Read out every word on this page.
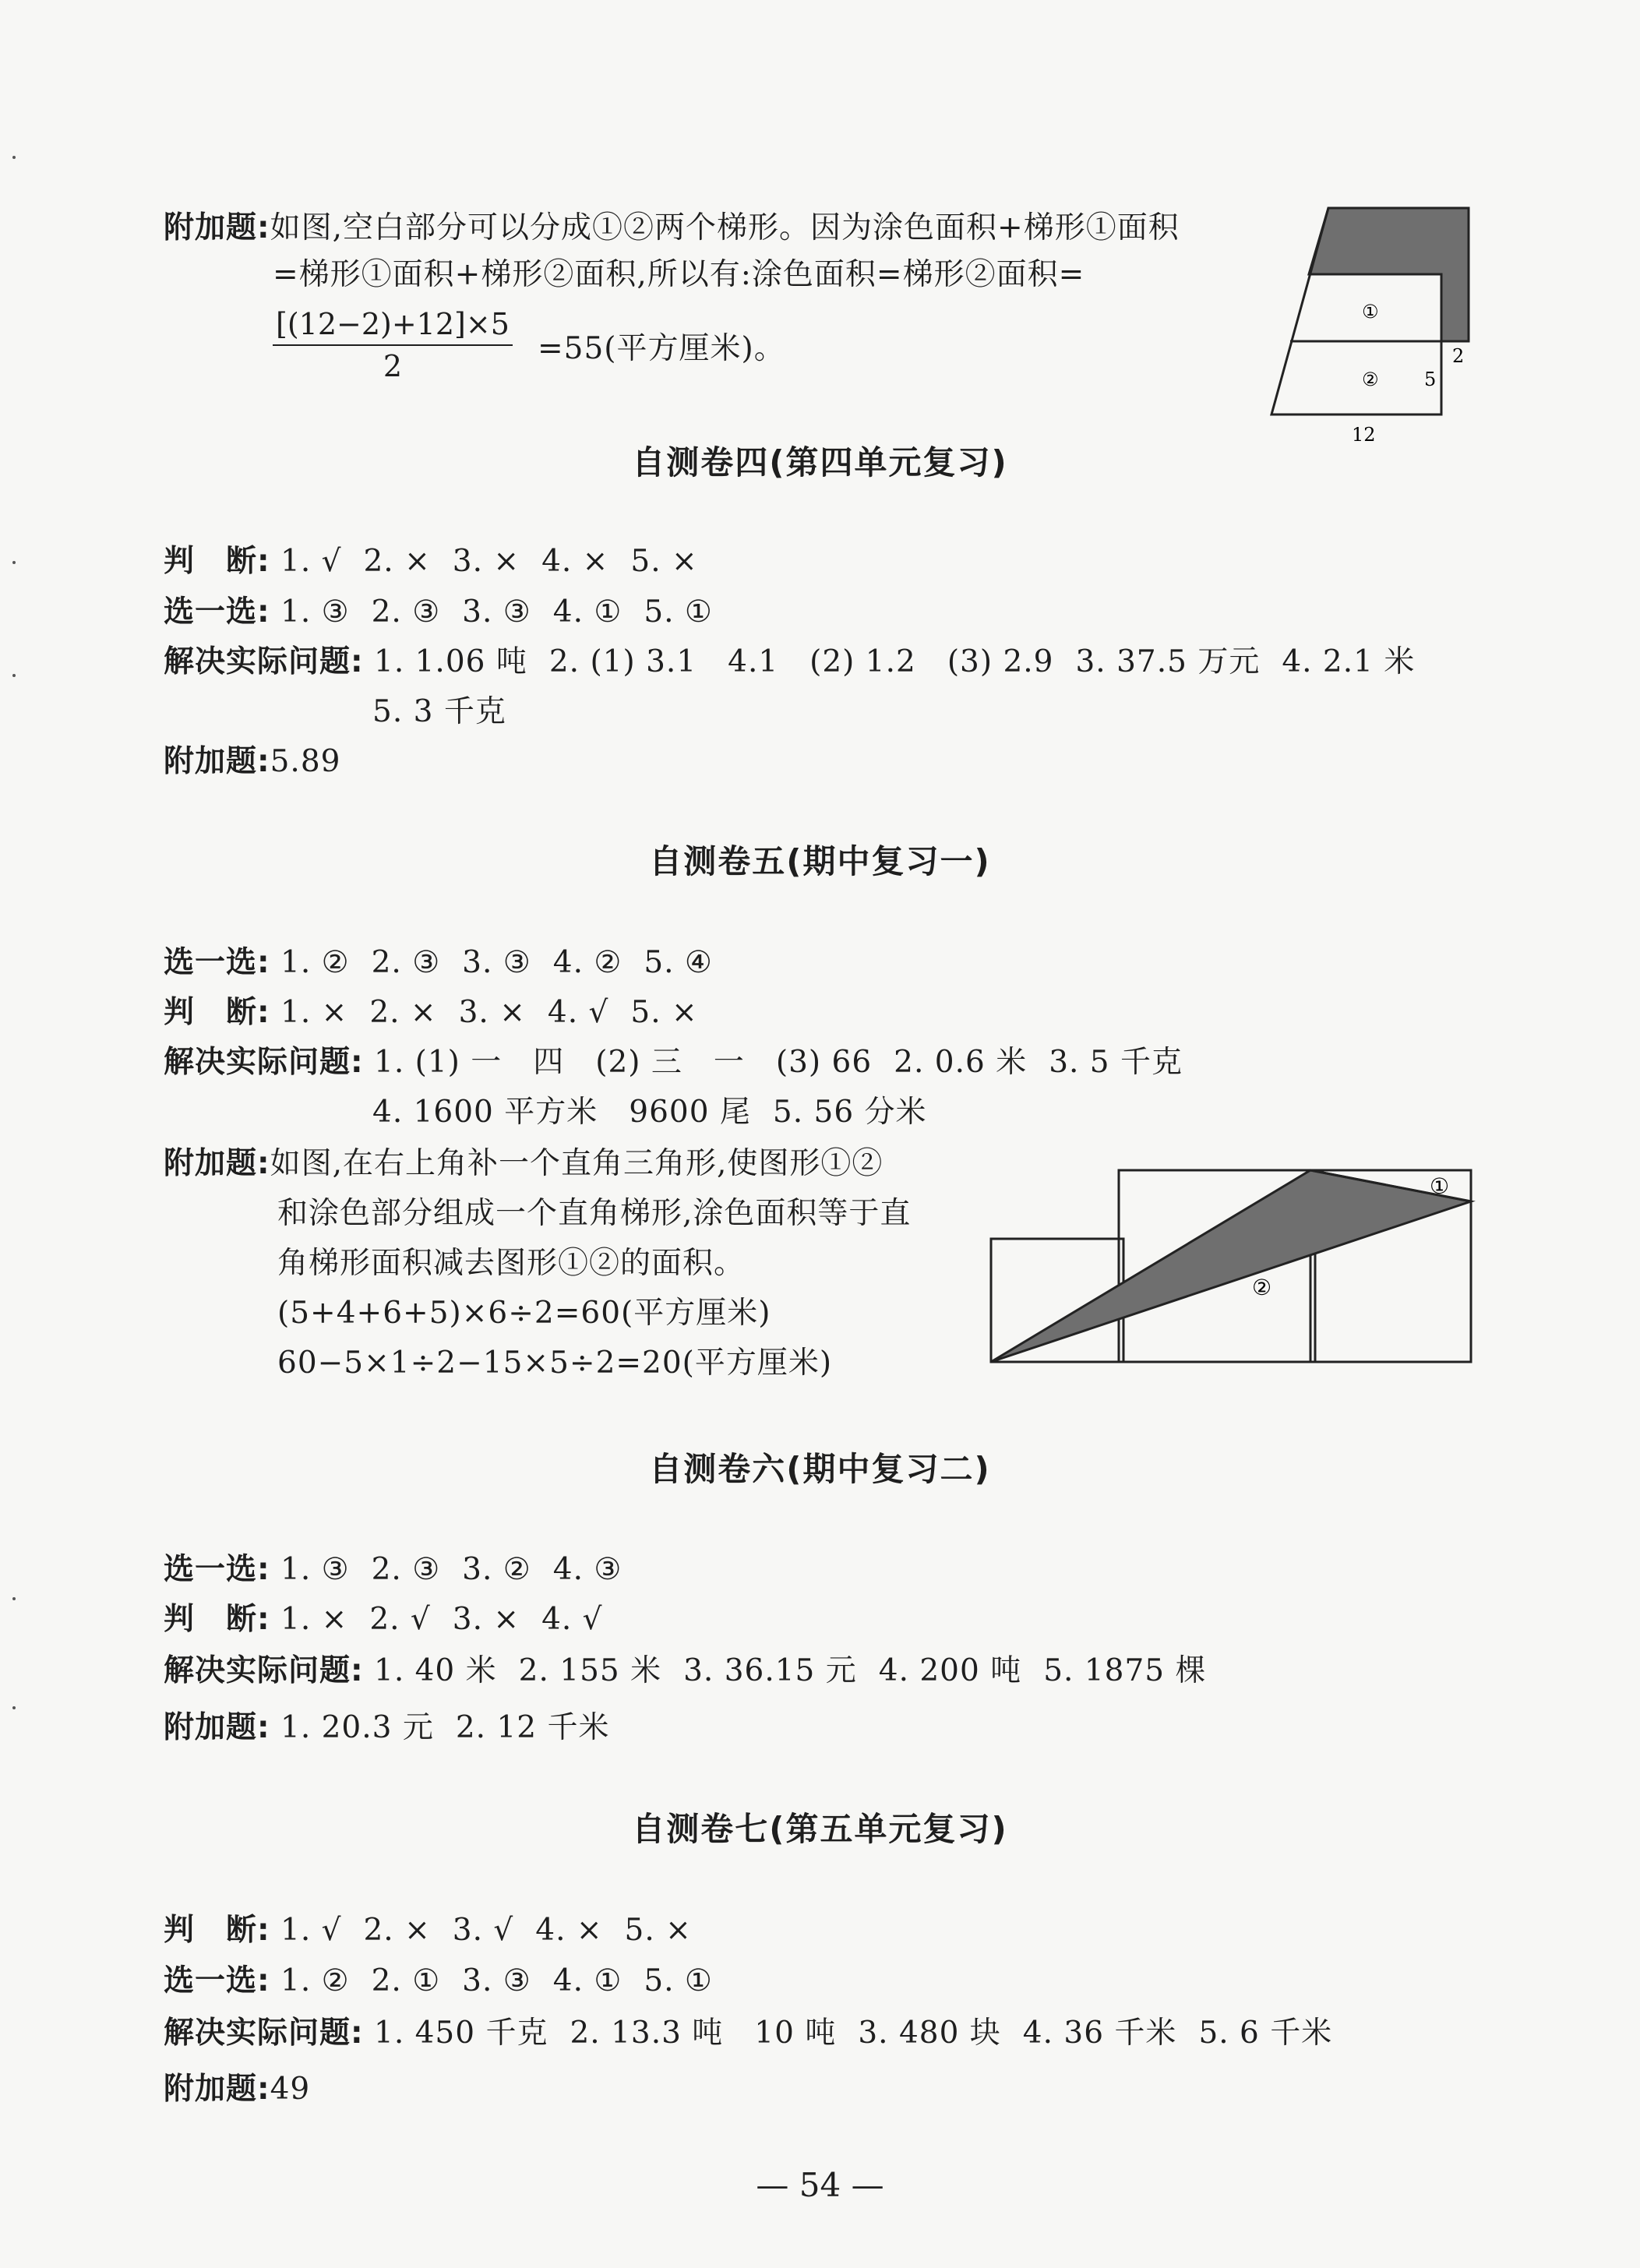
附加题:如图,空白部分可以分成①②两个梯形。因为涂色面积+梯形①面积
=梯形①面积+梯形②面积,所以有:涂色面积=梯形②面积=
$\frac{[(12-2)+12]\times 5}{2} =55$(平方厘米)。
①
②
2
5
12
自测卷四(第四单元复习)
判　断: 1. √ 2. × 3. × 4. × 5. ×
选一选: 1. ③ 2. ③ 3. ③ 4. ① 5. ①
解决实际问题: 1. 1.06 吨 2. (1) 3.1　4.1　(2) 1.2　(3) 2.9 3. 37.5 万元 4. 2.1 米
5. 3 千克
附加题:5.89
自测卷五(期中复习一)
选一选: 1. ② 2. ③ 3. ③ 4. ② 5. ④
判　断: 1. × 2. × 3. × 4. √ 5. ×
解决实际问题: 1. (1) 一　四　(2) 三　一　(3) 66 2. 0.6 米 3. 5 千克
4. 1600 平方米　9600 尾 5. 56 分米
附加题:如图,在右上角补一个直角三角形,使图形①②
和涂色部分组成一个直角梯形,涂色面积等于直
角梯形面积减去图形①②的面积。
(5+4+6+5)×6÷2=60(平方厘米)
60−5×1÷2−15×5÷2=20(平方厘米)
①
②
自测卷六(期中复习二)
选一选: 1. ③ 2. ③ 3. ② 4. ③
判　断: 1. × 2. √ 3. × 4. √
解决实际问题: 1. 40 米 2. 155 米 3. 36.15 元 4. 200 吨 5. 1875 棵
附加题: 1. 20.3 元 2. 12 千米
自测卷七(第五单元复习)
判　断: 1. √ 2. × 3. √ 4. × 5. ×
选一选: 1. ② 2. ① 3. ③ 4. ① 5. ①
解决实际问题: 1. 450 千克 2. 13.3 吨　10 吨 3. 480 块 4. 36 千米 5. 6 千米
附加题:49
— 54 —
